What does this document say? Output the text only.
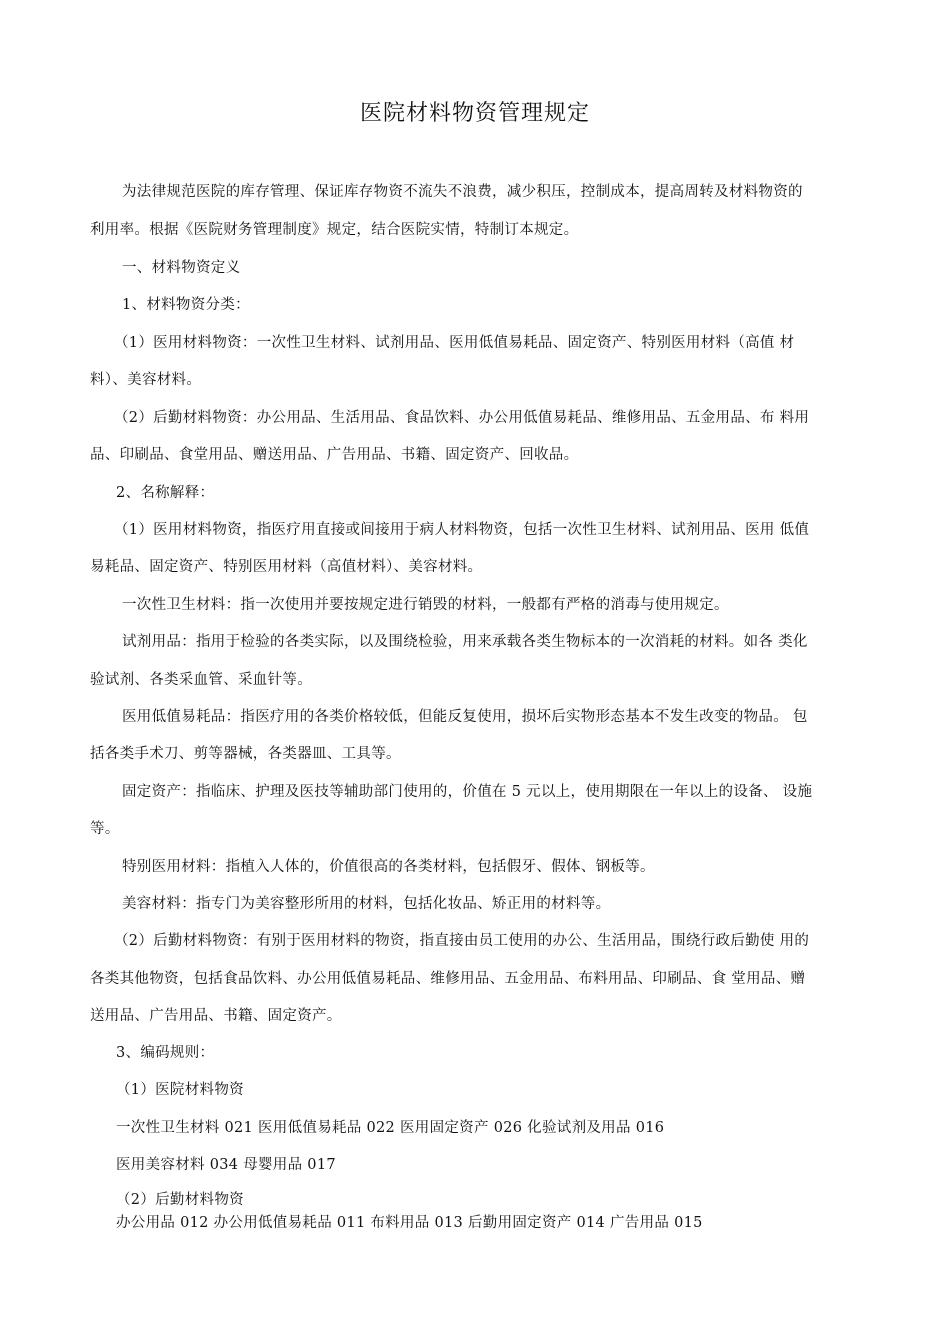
医院材料物资管理规定
为法律规范医院的库存管理、保证库存物资不流失不浪费，减少积压，控制成本，提高周转及材料物资的
利用率。根据《医院财务管理制度》规定，结合医院实情，特制订本规定。
一、材料物资定义
1、材料物资分类：
（1）医用材料物资：一次性卫生材料、试剂用品、医用低值易耗品、固定资产、特别医用材料（高值 材
料）、美容材料。
（2）后勤材料物资：办公用品、生活用品、食品饮料、办公用低值易耗品、维修用品、五金用品、布 料用
品、印刷品、食堂用品、赠送用品、广告用品、书籍、固定资产、回收品。
2、名称解释：
（1）医用材料物资，指医疗用直接或间接用于病人材料物资，包括一次性卫生材料、试剂用品、医用 低值
易耗品、固定资产、特别医用材料（高值材料）、美容材料。
一次性卫生材料：指一次使用并要按规定进行销毁的材料，一般都有严格的消毒与使用规定。
试剂用品：指用于检验的各类实际，以及围绕检验，用来承载各类生物标本的一次消耗的材料。如各 类化
验试剂、各类采血管、采血针等。
医用低值易耗品：指医疗用的各类价格较低，但能反复使用，损坏后实物形态基本不发生改变的物品。 包
括各类手术刀、剪等器械，各类器皿、工具等。
固定资产：指临床、护理及医技等辅助部门使用的，价值在 5 元以上，使用期限在一年以上的设备、 设施
等。
特别医用材料：指植入人体的，价值很高的各类材料，包括假牙、假体、钢板等。
美容材料：指专门为美容整形所用的材料，包括化妆品、矫正用的材料等。
（2）后勤材料物资：有别于医用材料的物资，指直接由员工使用的办公、生活用品，围绕行政后勤使 用的
各类其他物资，包括食品饮料、办公用低值易耗品、维修用品、五金用品、布料用品、印刷品、食 堂用品、赠
送用品、广告用品、书籍、固定资产。
3、编码规则：
（1）医院材料物资
一次性卫生材料 021 医用低值易耗品 022 医用固定资产 026 化验试剂及用品 016
医用美容材料 034 母婴用品 017
（2）后勤材料物资
办公用品 012 办公用低值易耗品 011 布料用品 013 后勤用固定资产 014 广告用品 015
